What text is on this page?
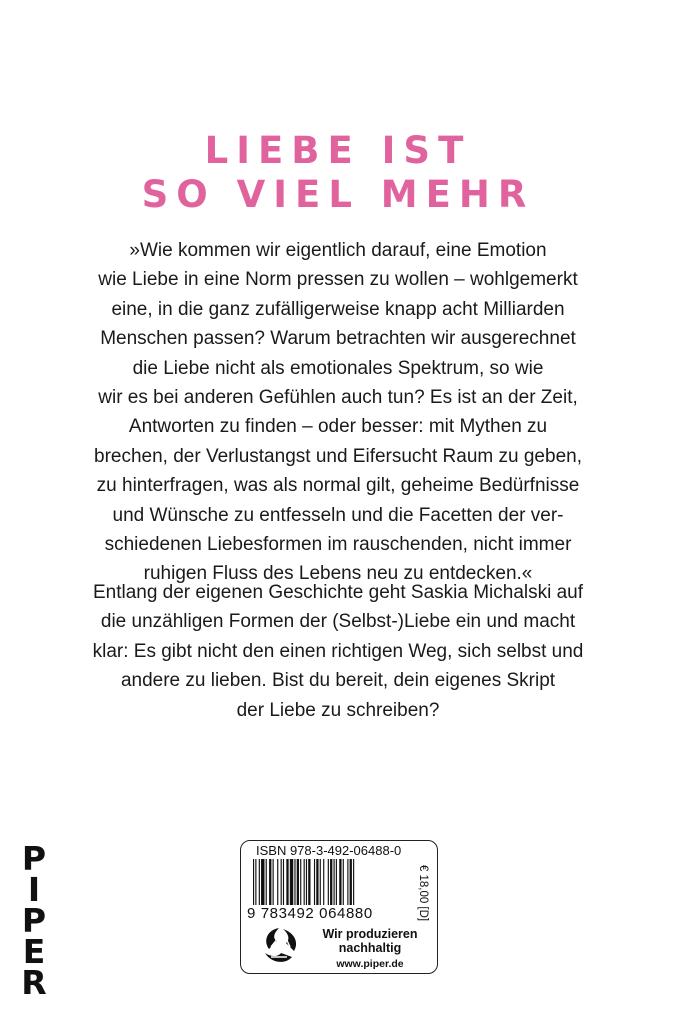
LIEBE IST
SO VIEL MEHR
»Wie kommen wir eigentlich darauf, eine Emotion
wie Liebe in eine Norm pressen zu wollen – wohlgemerkt
eine, in die ganz zufälligerweise knapp acht Milliarden
Menschen passen? Warum betrachten wir ausgerechnet
die Liebe nicht als emotionales Spektrum, so wie
wir es bei anderen Gefühlen auch tun? Es ist an der Zeit,
Antworten zu finden – oder besser: mit Mythen zu
brechen, der Verlustangst und Eifersucht Raum zu geben,
zu hinterfragen, was als normal gilt, geheime Bedürfnisse
und Wünsche zu entfesseln und die Facetten der ver-
schiedenen Liebesformen im rauschenden, nicht immer
ruhigen Fluss des Lebens neu zu entdecken.«
Entlang der eigenen Geschichte geht Saskia Michalski auf
die unzähligen Formen der (Selbst-)Liebe ein und macht
klar: Es gibt nicht den einen richtigen Weg, sich selbst und
andere zu lieben. Bist du bereit, dein eigenes Skript
der Liebe zu schreiben?
P
I
P
E
R
ISBN 978-3-492-06488-0
9 783492 064880	€ 18,00 [D]
Wir produzieren
nachhaltig
www.piper.de
